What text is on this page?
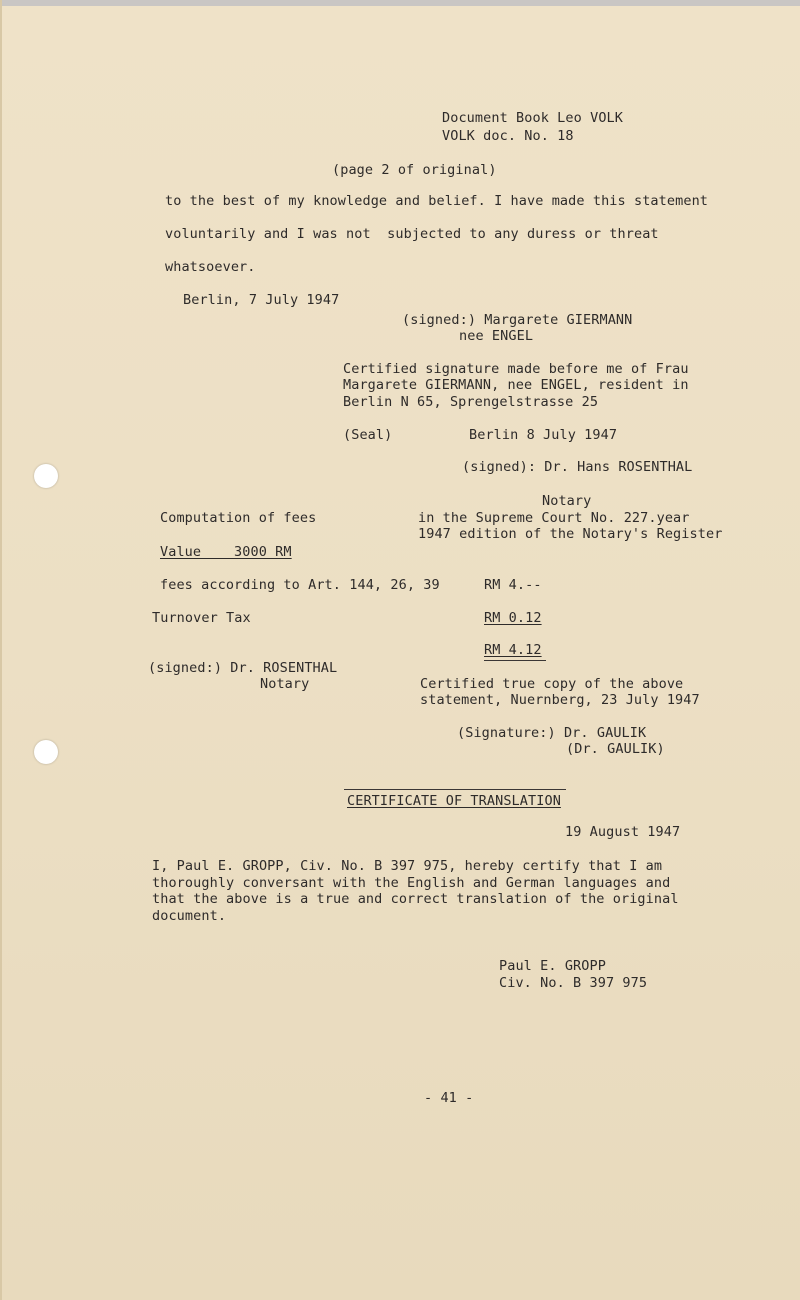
Document Book Leo VOLK
VOLK doc. No. 18
(page 2 of original)
to the best of my knowledge and belief. I have made this statement
voluntarily and I was not  subjected to any duress or threat
whatsoever.
Berlin, 7 July 1947
(signed:) Margarete GIERMANN
nee ENGEL
Certified signature made before me of Frau
Margarete GIERMANN, nee ENGEL, resident in
Berlin N 65, Sprengelstrasse 25
(Seal)	Berlin 8 July 1947
(signed): Dr. Hans ROSENTHAL
Notary
in the Supreme Court No. 227.year
1947 edition of the Notary's Register
Computation of fees
Value    3000 RM
fees according to Art. 144, 26, 39	RM 4.--
Turnover Tax	RM 0.12
RM 4.12
(signed:) Dr. ROSENTHAL
Notary	Certified true copy of the above
statement, Nuernberg, 23 July 1947
(Signature:) Dr. GAULIK
(Dr. GAULIK)
CERTIFICATE OF TRANSLATION
19 August 1947
I, Paul E. GROPP, Civ. No. B 397 975, hereby certify that I am
thoroughly conversant with the English and German languages and
that the above is a true and correct translation of the original
document.
Paul E. GROPP
Civ. No. B 397 975
- 41 -
